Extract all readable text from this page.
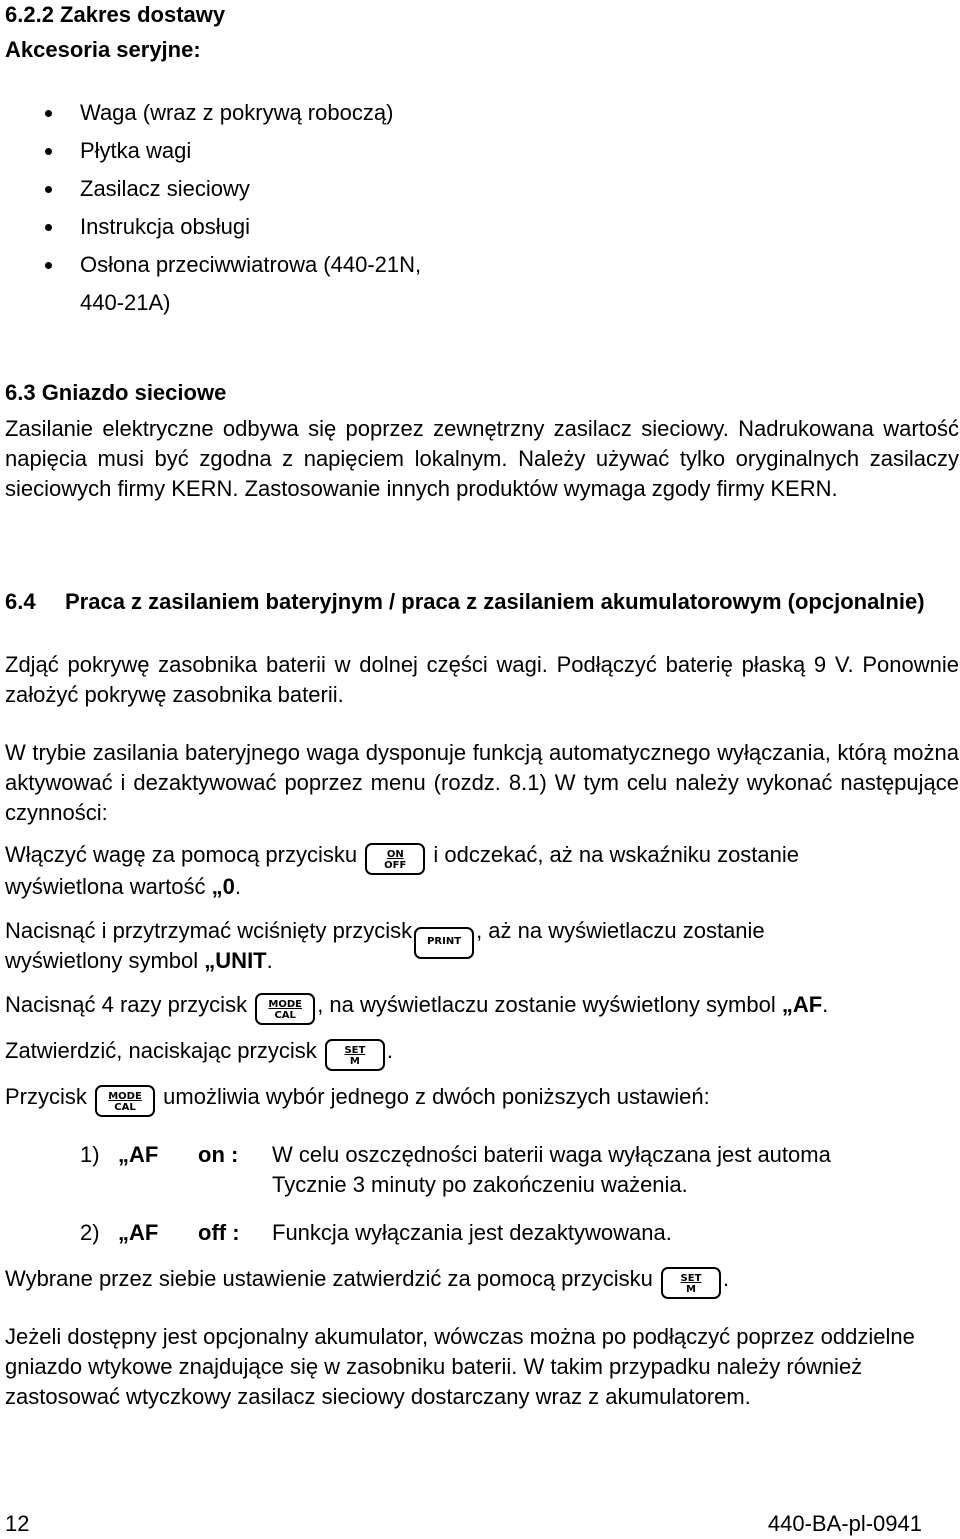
6.2.2 Zakres dostawy
Akcesoria seryjne:
Waga (wraz z pokrywą roboczą)
Płytka wagi
Zasilacz sieciowy
Instrukcja obsługi
Osłona przeciwwiatrowa (440-21N,
440-21A)
6.3 Gniazdo sieciowe

Zasilanie elektryczne odbywa się poprzez zewnętrzny zasilacz sieciowy. Nadrukowana wartość napięcia musi być zgodna z napięciem lokalnym. Należy używać tylko oryginalnych zasilaczy sieciowych firmy KERN. Zastosowanie innych produktów wymaga zgody firmy KERN.

6.4	Praca z zasilaniem bateryjnym / praca z zasilaniem akumulatorowym (opcjonalnie)

Zdjąć pokrywę zasobnika baterii w dolnej części wagi. Podłączyć baterię płaską 9 V. Ponownie założyć pokrywę zasobnika baterii.

W trybie zasilania bateryjnego waga dysponuje funkcją automatycznego wyłączania, którą można aktywować i dezaktywować poprzez menu (rozdz. 8.1) W tym celu należy wykonać następujące czynności:

Włączyć wagę za pomocą przycisku	ON
OFF	i odczekać, aż na wskaźniku zostanie
wyświetlona wartość „0.
Nacisnąć i przytrzymać wciśnięty przycisk PRINT , aż na wyświetlaczu zostanie
wyświetlony symbol „UNIT.
Nacisnąć 4 razy przycisk	MODE
CAL , na wyświetlaczu zostanie wyświetlony symbol „AF.
Zatwierdzić, naciskając przycisk	SET
M	.
Przycisk	MODE
CAL	umożliwia wybór jednego z dwóch poniższych ustawień:
1) „AF on : W celu oszczędności baterii waga wyłączana jest automa
Tycznie 3 minuty po zakończeniu ważenia.
2) „AF off : Funkcja wyłączania jest dezaktywowana.
Wybrane przez siebie ustawienie zatwierdzić za pomocą przycisku	SET
M	.

Jeżeli dostępny jest opcjonalny akumulator, wówczas można po podłączyć poprzez oddzielne gniazdo wtykowe znajdujące się w zasobniku baterii. W takim przypadku należy również zastosować wtyczkowy zasilacz sieciowy dostarczany wraz z akumulatorem.

12	440-BA-pl-0941
